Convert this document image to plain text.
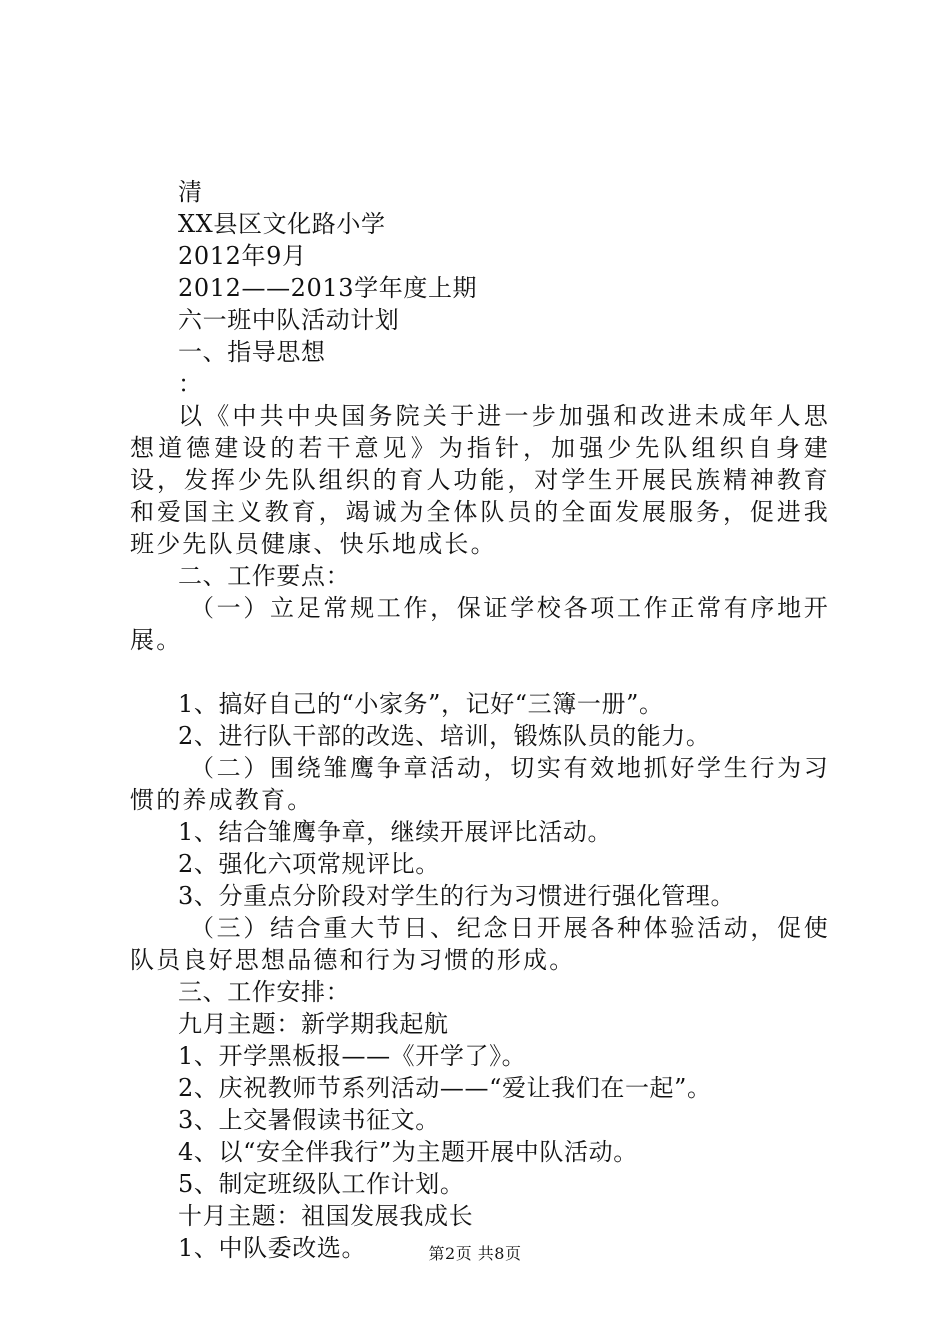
清
XX县区文化路小学
2012年9月
2012——2013学年度上期
六一班中队活动计划
一、指导思想
：
以《中共中央国务院关于进一步加强和改进未成年人思想道德建设的若干意见》为指针，加强少先队组织自身建设，发挥少先队组织的育人功能，对学生开展民族精神教育和爱国主义教育，竭诚为全体队员的全面发展服务，促进我班少先队员健康、快乐地成长。
二、工作要点：
（一）立足常规工作，保证学校各项工作正常有序地开展。
1、搞好自己的“小家务”，记好“三簿一册”。
2、进行队干部的改选、培训，锻炼队员的能力。
（二）围绕雏鹰争章活动，切实有效地抓好学生行为习惯的养成教育。
1、结合雏鹰争章，继续开展评比活动。
2、强化六项常规评比。
3、分重点分阶段对学生的行为习惯进行强化管理。
（三）结合重大节日、纪念日开展各种体验活动，促使队员良好思想品德和行为习惯的形成。
三、工作安排：
九月主题：新学期我起航
1、开学黑板报——《开学了》。
2、庆祝教师节系列活动——“爱让我们在一起”。
3、上交暑假读书征文。
4、以“安全伴我行”为主题开展中队活动。
5、制定班级队工作计划。
十月主题：祖国发展我成长
1、中队委改选。	第2页 共8页
